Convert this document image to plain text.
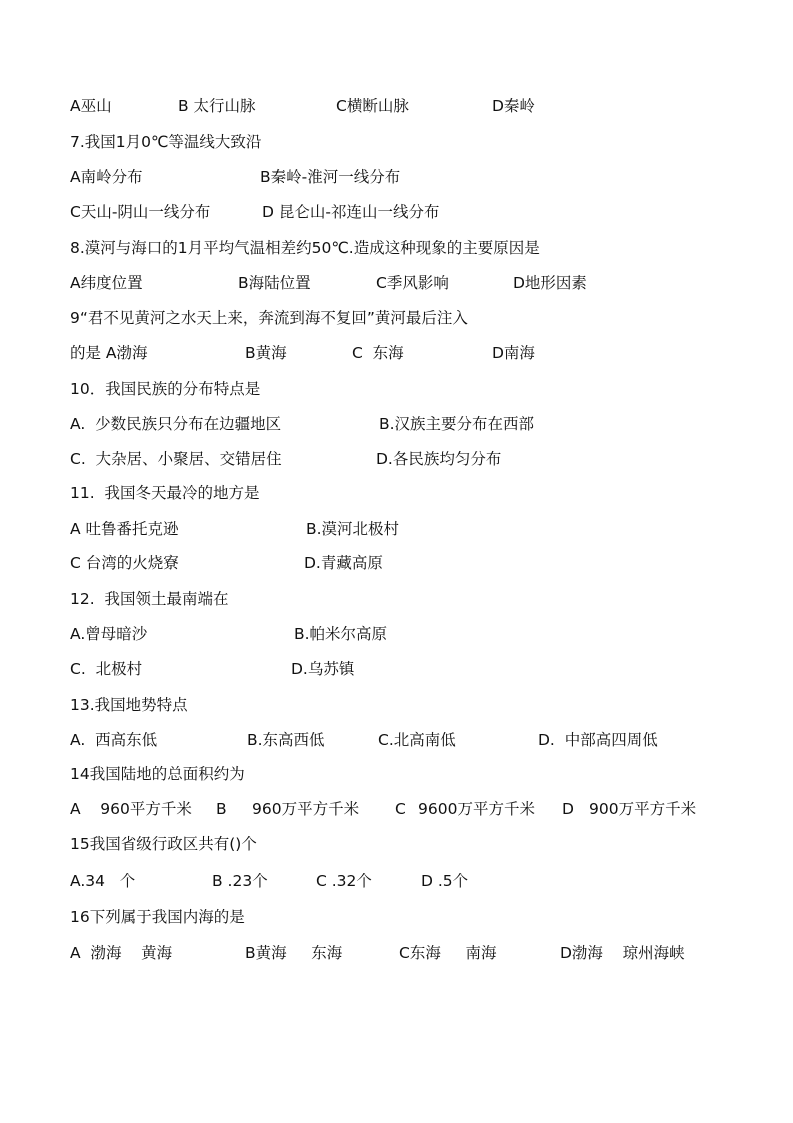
A巫山

	B 太行山脉

	C横断山脉

	D秦岭

7.我国1月0℃等温线大致沿

A南岭分布

	B秦岭-淮河一线分布

C天山-阴山一线分布

	D 昆仑山-祁连山一线分布

8.漠河与海口的1月平均气温相差约50℃.造成这种现象的主要原因是

A纬度位置

	B海陆位置

	C季风影响

	D地形因素

9“君不见黄河之水天上来，奔流到海不复回”黄河最后注入

的是 A渤海

	B黄海

	C  东海

	D南海

10．我国民族的分布特点是

A.  少数民族只分布在边疆地区

	B.汉族主要分布在西部

C.  大杂居、小聚居、交错居住

	D.各民族均匀分布

11.  我国冬天最冷的地方是

A 吐鲁番托克逊

	B.漠河北极村

C 台湾的火烧寮

	D.青藏高原

12.  我国领土最南端在

A.曾母暗沙

	B.帕米尔高原

C.  北极村

	D.乌苏镇

13.我国地势特点

A.  西高东低

	B.东高西低

	C.北高南低

	D.  中部高四周低

14我国陆地的总面积约为

A    960平方千米

B

960万平方千米

C

9600万平方千米

D

900万平方千米

15我国省级行政区共有()个

A.34   个

	B .23个

	C .32个

	D .5个

16下列属于我国内海的是

A  渤海    黄海

	B黄海     东海

	C东海     南海

	D渤海    琼州海峡
